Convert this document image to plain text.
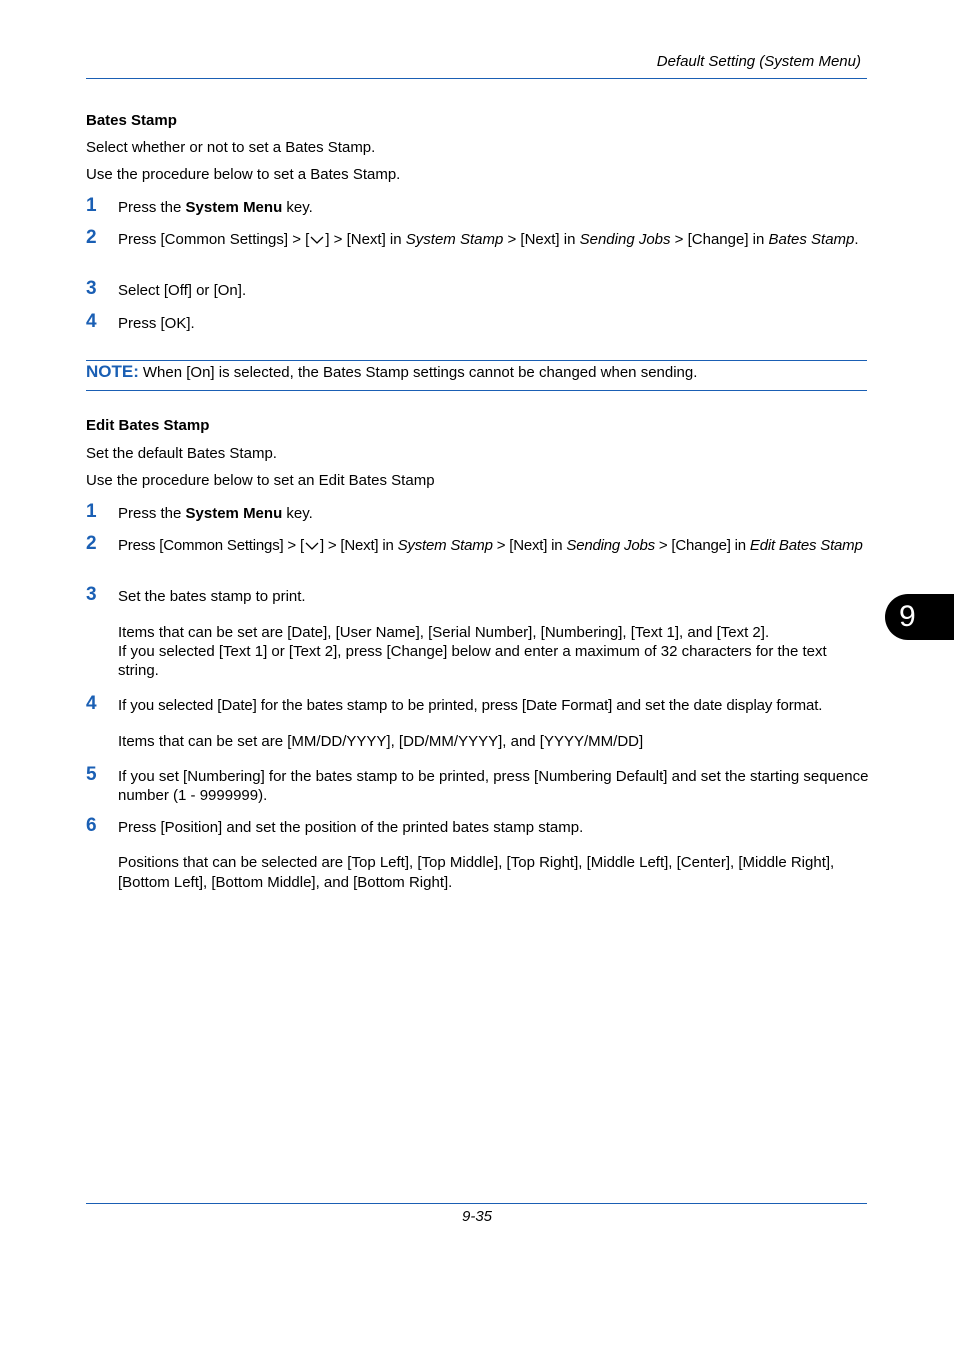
Default Setting (System Menu)
Bates Stamp
Select whether or not to set a Bates Stamp.
Use the procedure below to set a Bates Stamp.
1 Press the System Menu key.
2 Press [Common Settings] > [ ] > [Next] in System Stamp > [Next] in Sending Jobs > [Change] in Bates Stamp.
3 Select [Off] or [On].
4 Press [OK].
NOTE: When [On] is selected, the Bates Stamp settings cannot be changed when sending.
Edit Bates Stamp
Set the default Bates Stamp.
Use the procedure below to set an Edit Bates Stamp
1 Press the System Menu key.
2 Press [Common Settings] > [ ] > [Next] in System Stamp > [Next] in Sending Jobs > [Change] in Edit Bates Stamp
3 Set the bates stamp to print.
Items that can be set are [Date], [User Name], [Serial Number], [Numbering], [Text 1], and [Text 2].
If you selected [Text 1] or [Text 2], press [Change] below and enter a maximum of 32 characters for the text string.
4 If you selected [Date] for the bates stamp to be printed, press [Date Format] and set the date display format.
Items that can be set are [MM/DD/YYYY], [DD/MM/YYYY], and [YYYY/MM/DD]
5 If you set [Numbering] for the bates stamp to be printed, press [Numbering Default] and set the starting sequence number (1 - 9999999).
6 Press [Position] and set the position of the printed bates stamp stamp.
Positions that can be selected are [Top Left], [Top Middle], [Top Right], [Middle Left], [Center], [Middle Right], [Bottom Left], [Bottom Middle], and [Bottom Right].
9
9-35
